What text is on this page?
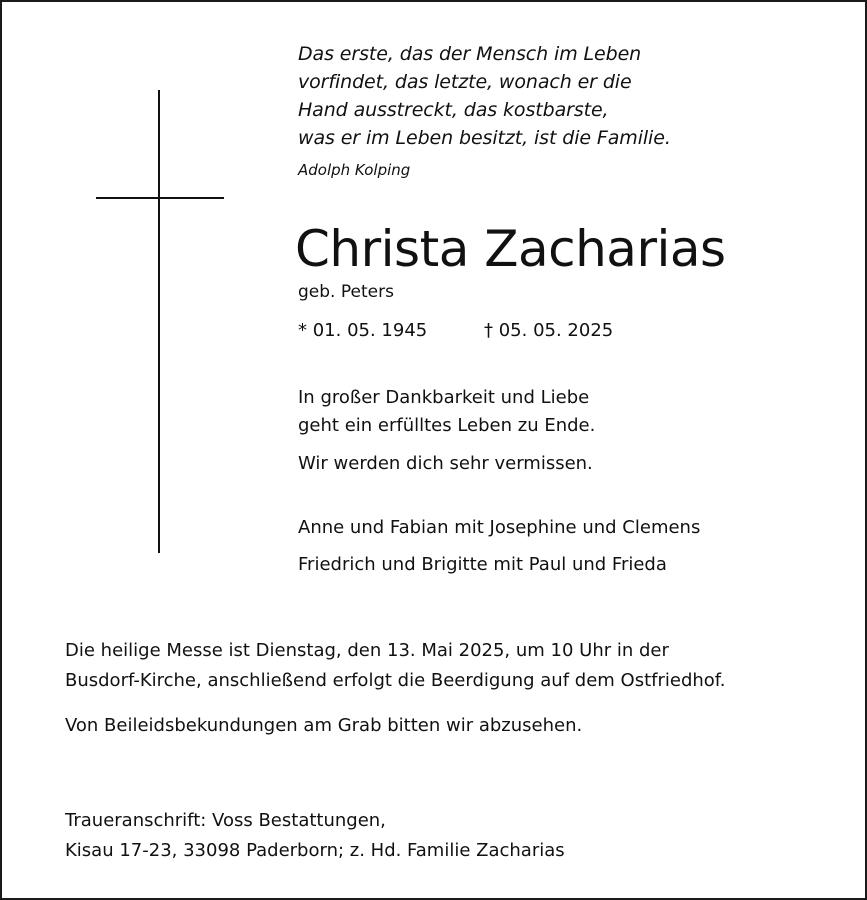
Das erste, das der Mensch im Leben
vorfindet, das letzte, wonach er die
Hand ausstreckt, das kostbarste,
was er im Leben besitzt, ist die Familie.
Adolph Kolping
Christa Zacharias
geb. Peters
* 01. 05. 1945	† 05. 05. 2025
In großer Dankbarkeit und Liebe
geht ein erfülltes Leben zu Ende.
Wir werden dich sehr vermissen.
Anne und Fabian mit Josephine und Clemens
Friedrich und Brigitte mit Paul und Frieda
Die heilige Messe ist Dienstag, den 13. Mai 2025, um 10 Uhr in der
Busdorf-Kirche, anschließend erfolgt die Beerdigung auf dem Ostfriedhof.
Von Beileidsbekundungen am Grab bitten wir abzusehen.
Traueranschrift: Voss Bestattungen,
Kisau 17-23, 33098 Paderborn; z. Hd. Familie Zacharias
